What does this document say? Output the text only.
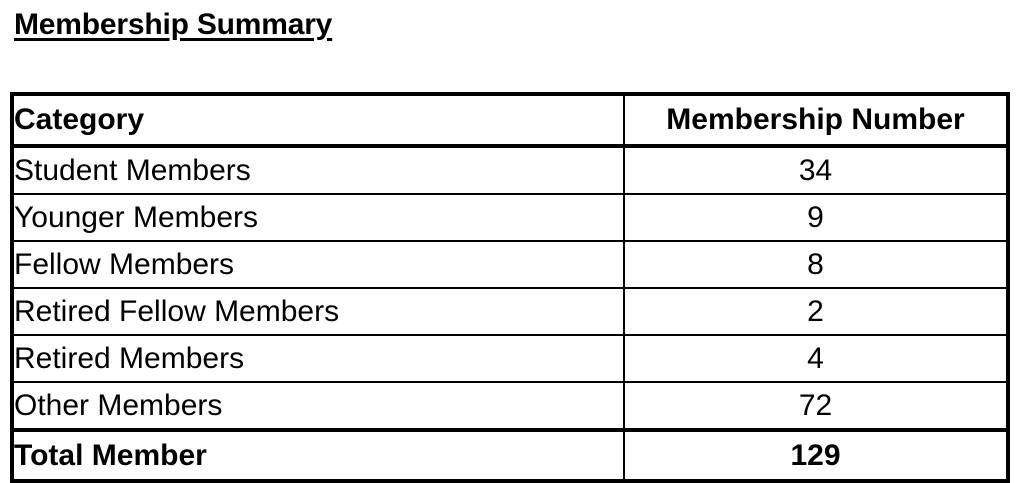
Membership Summary
Category	Membership Number
Student Members	34
Younger Members	9
Fellow Members	8
Retired Fellow Members	2
Retired Members	4
Other Members	72
Total Member	129
